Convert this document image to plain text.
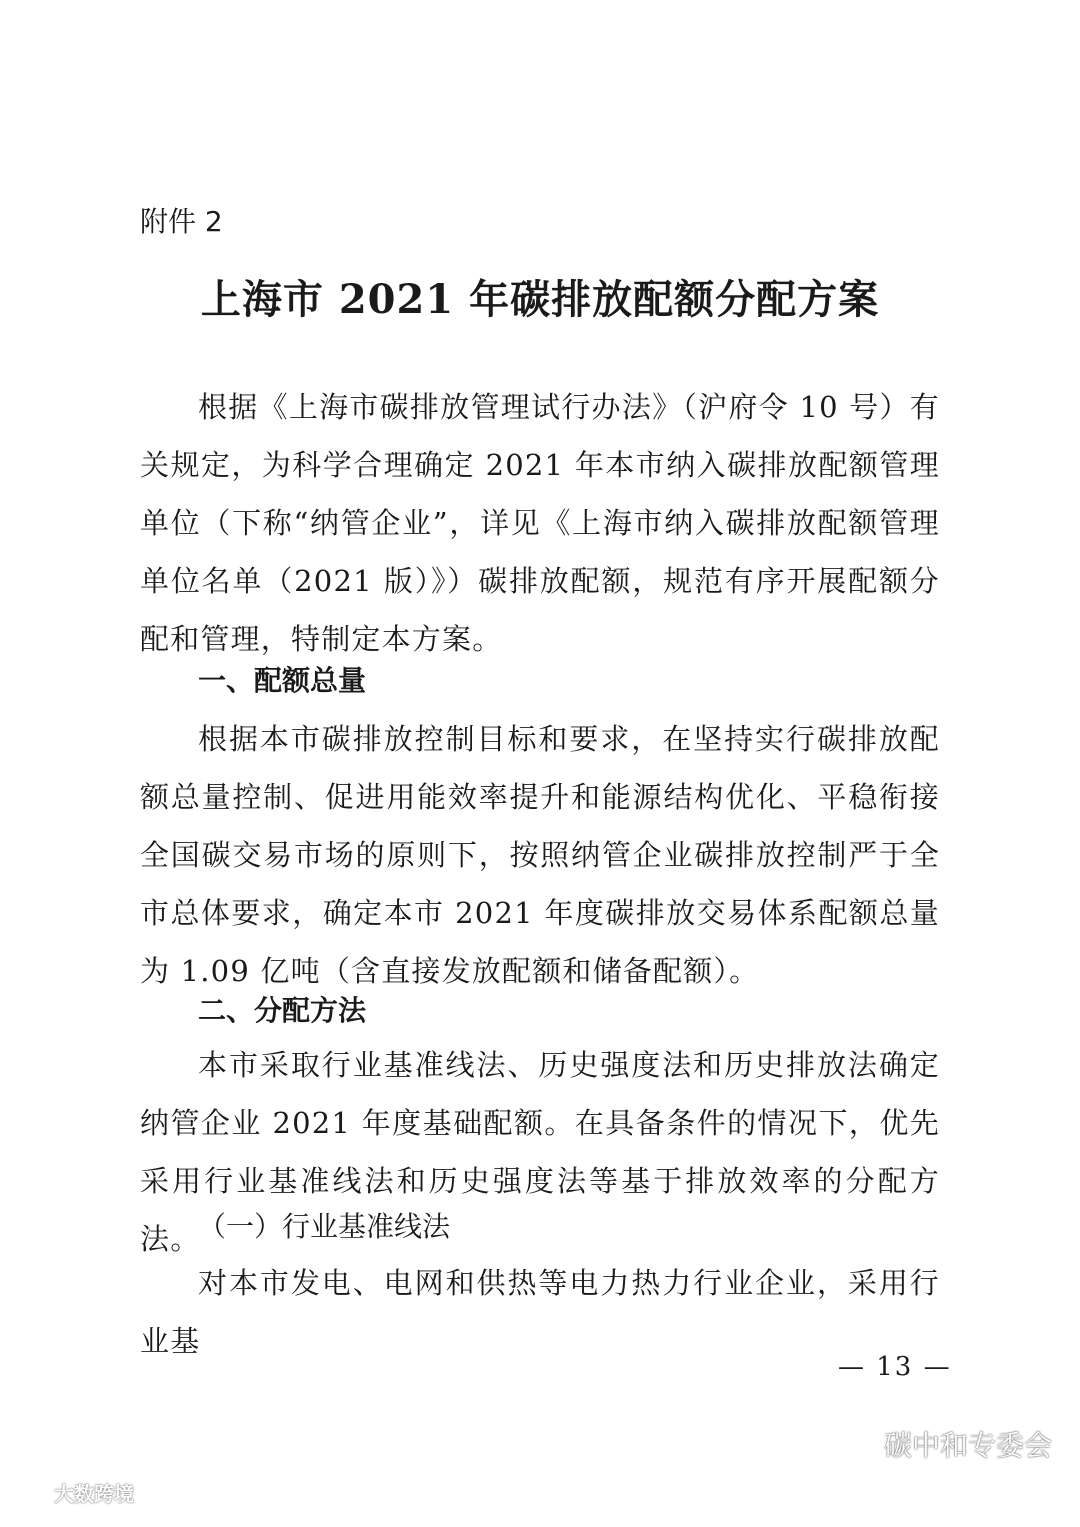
附件 2
上海市 2021 年碳排放配额分配方案

根据《上海市碳排放管理试行办法》（沪府令 10 号）有关规定，为科学合理确定 2021 年本市纳入碳排放配额管理单位（下称“纳管企业”，详见《上海市纳入碳排放配额管理单位名单（2021 版）》）碳排放配额，规范有序开展配额分配和管理，特制定本方案。

一、配额总量

根据本市碳排放控制目标和要求，在坚持实行碳排放配额总量控制、促进用能效率提升和能源结构优化、平稳衔接全国碳交易市场的原则下，按照纳管企业碳排放控制严于全市总体要求，确定本市 2021 年度碳排放交易体系配额总量为 1.09 亿吨（含直接发放配额和储备配额）。

二、分配方法

本市采取行业基准线法、历史强度法和历史排放法确定纳管企业 2021 年度基础配额。在具备条件的情况下，优先采用行业基准线法和历史强度法等基于排放效率的分配方法。

（一）行业基准线法

对本市发电、电网和供热等电力热力行业企业，采用行业基

— 13 —
大数跨境
碳中和专委会
